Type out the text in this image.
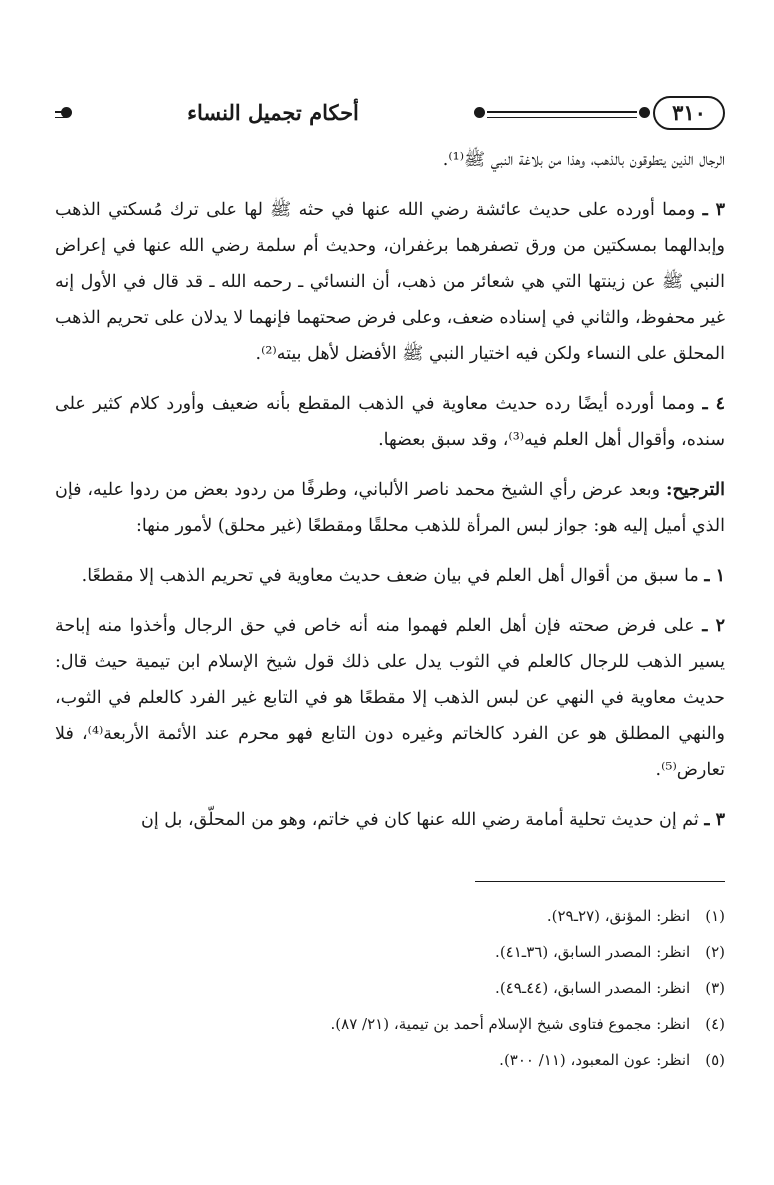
٣١٠
أحكام تجميل النساء

الرجال الذين يتطوقون بالذهب، وهذا من بلاغة النبي ﷺ⁽¹⁾.

٣ ـ ومما أورده على حديث عائشة رضي الله عنها في حثه ﷺ لها على ترك مُسكتي الذهب وإبدالهما بمسكتين من ورق تصفرهما برغفران، وحديث أم سلمة رضي الله عنها في إعراض النبي ﷺ عن زينتها التي هي شعائر من ذهب، أن النسائي ـ رحمه الله ـ قد قال في الأول إنه غير محفوظ، والثاني في إسناده ضعف، وعلى فرض صحتهما فإنهما لا يدلان على تحريم الذهب المحلق على النساء ولكن فيه اختيار النبي ﷺ الأفضل لأهل بيته⁽²⁾.

٤ ـ ومما أورده أيضًا رده حديث معاوية في الذهب المقطع بأنه ضعيف وأورد كلام كثير على سنده، وأقوال أهل العلم فيه⁽³⁾، وقد سبق بعضها.

الترجيح: وبعد عرض رأي الشيخ محمد ناصر الألباني، وطرفًا من ردود بعض من ردوا عليه، فإن الذي أميل إليه هو: جواز لبس المرأة للذهب محلقًا ومقطعًا (غير محلق) لأمور منها:

١ ـ ما سبق من أقوال أهل العلم في بيان ضعف حديث معاوية في تحريم الذهب إلا مقطعًا.

٢ ـ على فرض صحته فإن أهل العلم فهموا منه أنه خاص في حق الرجال وأخذوا منه إباحة يسير الذهب للرجال كالعلم في الثوب يدل على ذلك قول شيخ الإسلام ابن تيمية حيث قال: حديث معاوية في النهي عن لبس الذهب إلا مقطعًا هو في التابع غير الفرد كالعلم في الثوب، والنهي المطلق هو عن الفرد كالخاتم وغيره دون التابع فهو محرم عند الأئمة الأربعة⁽⁴⁾، فلا تعارض⁽⁵⁾.

٣ ـ ثم إن حديث تحلية أمامة رضي الله عنها كان في خاتم، وهو من المحلّق، بل إن

(١) انظر: المؤنق، (٢٧ـ٢٩).
(٢) انظر: المصدر السابق، (٣٦ـ٤١).
(٣) انظر: المصدر السابق، (٤٤ـ٤٩).
(٤) انظر: مجموع فتاوى شيخ الإسلام أحمد بن تيمية، (٢١/ ٨٧).
(٥) انظر: عون المعبود، (١١/ ٣٠٠).
